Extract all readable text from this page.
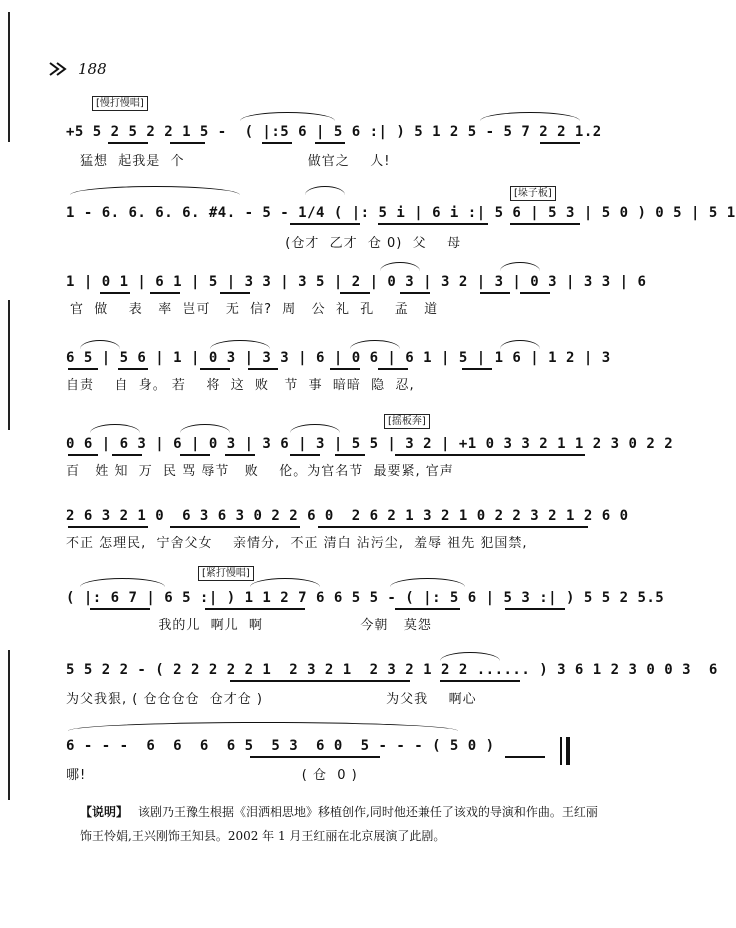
188
[慢打慢唱]
+5 5 2 5 2 2 1 5 -  ( |:5 6 | 5 6 :| ) 5 1 2 5 - 5 7 2 2 1.2
猛想  起我是  个                        做官之    人!
[垛子板]
1 - 6. 6. 6. 6. #4. - 5 - 1/4 ( |: 5 i | 6 i :| 5 6 | 5 3 | 5 0 ) 0 5 | 5 1
(仓才  乙才  仓 0)  父    母
1 | 0 1 | 6 1 | 5 | 3 3 | 3 5 | 2 | 0 3 | 3 2 | 3 | 0 3 | 3 3 | 6
官  做    表   率  岂可   无  信?  周   公  礼  孔    孟   道
6 5 | 5 6 | 1 | 0 3 | 3 3 | 6 | 0 6 | 6 1 | 5 | 1 6 | 1 2 | 3
自责    自  身。 若    将  这  败   节  事  暗暗  隐  忍,
[摇板奔]
0 6 | 6 3 | 6 | 0 3 | 3 6 | 3 | 5 5 | 3 2 | +1 0 3 3 2 1 1 2 3 0 2 2
百   姓 知  万  民 骂 辱节   败    伦。为官名节  最要紧, 官声
2 6 3 2 1 0  6 3 6 3 0 2 2 6 0  2 6 2 1 3 2 1 0 2 2 3 2 1 2 6 0
不正 怎理民,  宁舍父女    亲情分,  不正 清白 沾污尘,  羞辱 祖先 犯国禁,
[紧打慢唱]
( |: 6 7 | 6 5 :| ) 1 1 2 7 6 6 5 5 - ( |: 5 6 | 5 3 :| ) 5 5 2 5.5
我的儿  啊儿  啊                   今朝   莫怨
5 5 2 2 - ( 2 2 2 2 2 1  2 3 2 1  2 3 2 1 2 2 ...... ) 3 6 1 2 3 0 0 3  6
为父我狠, ( 仓仓仓仓  仓才仓 )                        为父我    啊心
6 - - -  6  6  6  6 5  5 3  6 0  5 - - - ( 5 0 )
哪!                                          ( 仓  0 )
【说明】 该剧乃王豫生根据《泪洒相思地》移植创作,同时他还兼任了该戏的导演和作曲。王红丽饰王怜娟,王兴刚饰王知县。2002 年 1 月王红丽在北京展演了此剧。
